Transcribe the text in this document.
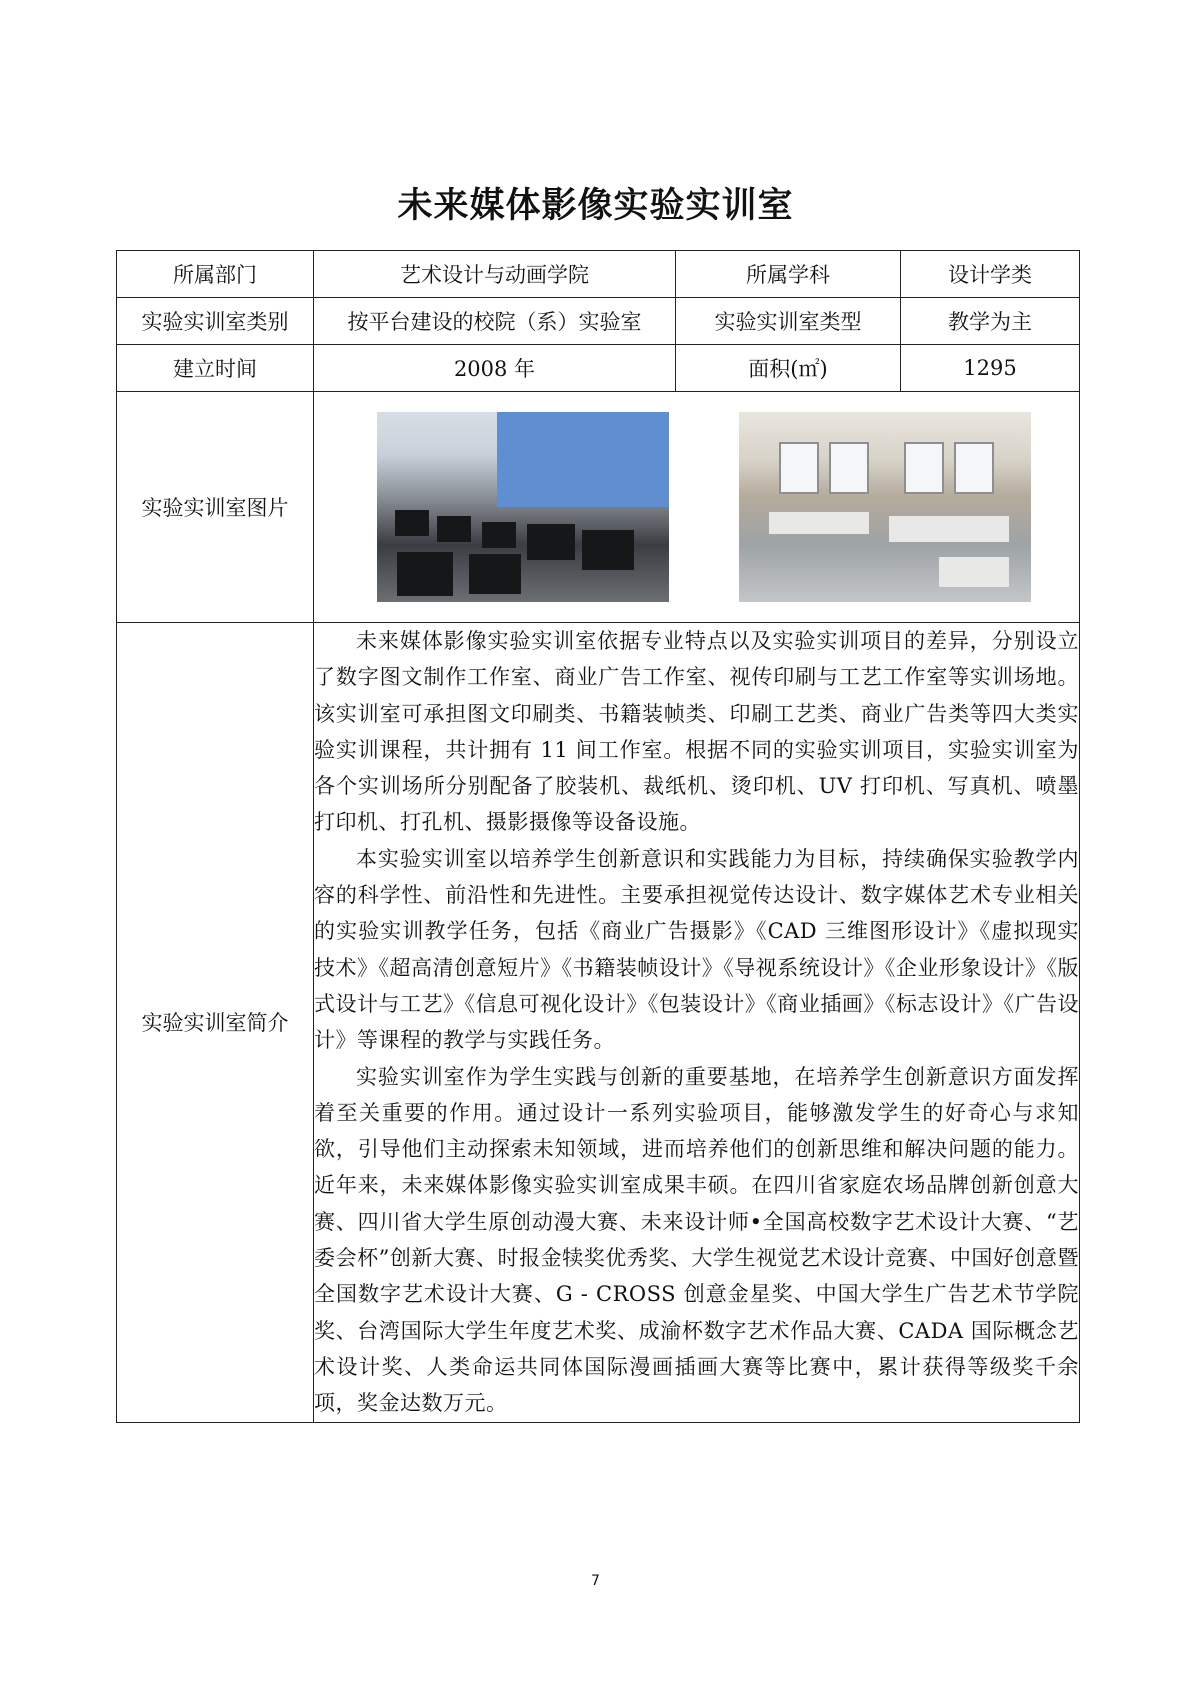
未来媒体影像实验实训室
所属部门	艺术设计与动画学院	所属学科	设计学类
实验实训室类别	按平台建设的校院（系）实验室	实验实训室类型	教学为主
建立时间	2008 年	面积(㎡)	1295
实验实训室图片			

实验实训室简介	未来媒体影像实验实训室依据专业特点以及实验实训项目的差异，分别设立了数字图文制作工作室、商业广告工作室、视传印刷与工艺工作室等实训场地。该实训室可承担图文印刷类、书籍装帧类、印刷工艺类、商业广告类等四大类实验实训课程，共计拥有 11 间工作室。根据不同的实验实训项目，实验实训室为各个实训场所分别配备了胶装机、裁纸机、烫印机、UV 打印机、写真机、喷墨打印机、打孔机、摄影摄像等设备设施。

本实验实训室以培养学生创新意识和实践能力为目标，持续确保实验教学内容的科学性、前沿性和先进性。主要承担视觉传达设计、数字媒体艺术专业相关的实验实训教学任务，包括《商业广告摄影》《CAD 三维图形设计》《虚拟现实技术》《超高清创意短片》《书籍装帧设计》《导视系统设计》《企业形象设计》《版式设计与工艺》《信息可视化设计》《包装设计》《商业插画》《标志设计》《广告设计》等课程的教学与实践任务。

实验实训室作为学生实践与创新的重要基地，在培养学生创新意识方面发挥着至关重要的作用。通过设计一系列实验项目，能够激发学生的好奇心与求知欲，引导他们主动探索未知领域，进而培养他们的创新思维和解决问题的能力。近年来，未来媒体影像实验实训室成果丰硕。在四川省家庭农场品牌创新创意大赛、四川省大学生原创动漫大赛、未来设计师•全国高校数字艺术设计大赛、“艺委会杯”创新大赛、时报金犊奖优秀奖、大学生视觉艺术设计竞赛、中国好创意暨全国数字艺术设计大赛、G - CROSS 创意金星奖、中国大学生广告艺术节学院奖、台湾国际大学生年度艺术奖、成渝杯数字艺术作品大赛、CADA 国际概念艺术设计奖、人类命运共同体国际漫画插画大赛等比赛中，累计获得等级奖千余项，奖金达数万元。		

7
